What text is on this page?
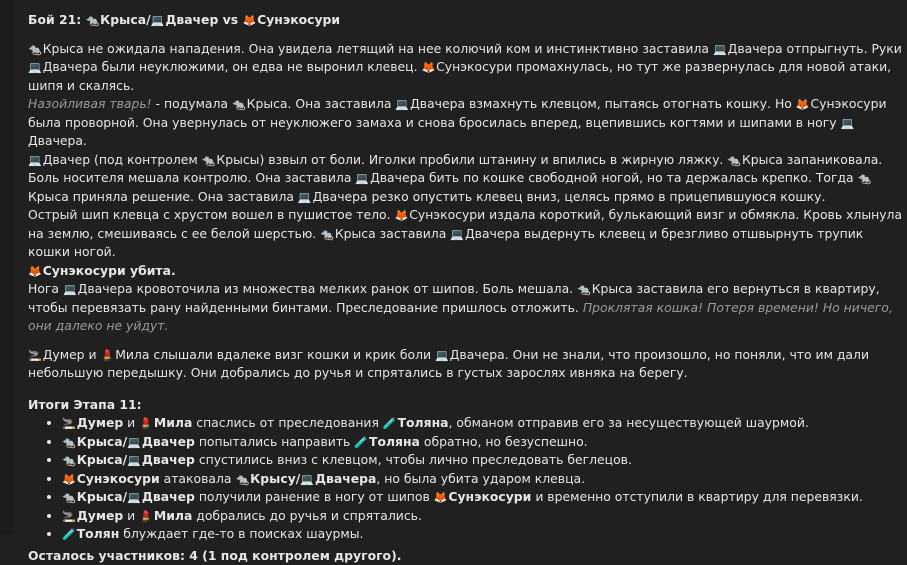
Бой 21: 🐀Крыса/💻Двачер vs 🦊Сунэкосури

🐀Крыса не ожидала нападения. Она увидела летящий на нее колючий ком и инстинктивно заставила 💻Двачера отпрыгнуть. Руки 💻Двачера были неуклюжими, он едва не выронил клевец. 🦊Сунэкосури промахнулась, но тут же развернулась для новой атаки, шипя и скалясь.

Назойливая тварь! - подумала 🐀Крыса. Она заставила 💻Двачера взмахнуть клевцом, пытаясь отогнать кошку. Но 🦊Сунэкосури была проворной. Она увернулась от неуклюжего замаха и снова бросилась вперед, вцепившись когтями и шипами в ногу 💻Двачера.

💻Двачер (под контролем 🐀Крысы) взвыл от боли. Иголки пробили штанину и впились в жирную ляжку. 🐀Крыса запаниковала. Боль носителя мешала контролю. Она заставила 💻Двачера бить по кошке свободной ногой, но та держалась крепко. Тогда 🐀Крыса приняла решение. Она заставила 💻Двачера резко опустить клевец вниз, целясь прямо в прицепившуюся кошку.

Острый шип клевца с хрустом вошел в пушистое тело. 🦊Сунэкосури издала короткий, булькающий визг и обмякла. Кровь хлынула на землю, смешиваясь с ее белой шерстью. 🐀Крыса заставила 💻Двачера выдернуть клевец и брезгливо отшвырнуть трупик кошки ногой.

🦊Сунэкосури убита.

Нога 💻Двачера кровоточила из множества мелких ранок от шипов. Боль мешала. 🐀Крыса заставила его вернуться в квартиру, чтобы перевязать рану найденными бинтами. Преследование пришлось отложить. Проклятая кошка! Потеря времени! Но ничего, они далеко не уйдут.

🚬Думер и 💄Мила слышали вдалеке визг кошки и крик боли 💻Двачера. Они не знали, что произошло, но поняли, что им дали небольшую передышку. Они добрались до ручья и спрятались в густых зарослях ивняка на берегу.

Итоги Этапа 11:

• 🚬Думер и 💄Мила спаслись от преследования 🧪Толяна, обманом отправив его за несуществующей шаурмой.
• 🐀Крыса/💻Двачер попытались направить 🧪Толяна обратно, но безуспешно.
• 🐀Крыса/💻Двачер спустились вниз с клевцом, чтобы лично преследовать беглецов.
• 🦊Сунэкосури атаковала 🐀Крысу/💻Двачера, но была убита ударом клевца.
• 🐀Крыса/💻Двачер получили ранение в ногу от шипов 🦊Сунэкосури и временно отступили в квартиру для перевязки.
• 🚬Думер и 💄Мила добрались до ручья и спрятались.
• 🧪Толян блуждает где-то в поисках шаурмы.

Осталось участников: 4 (1 под контролем другого).
